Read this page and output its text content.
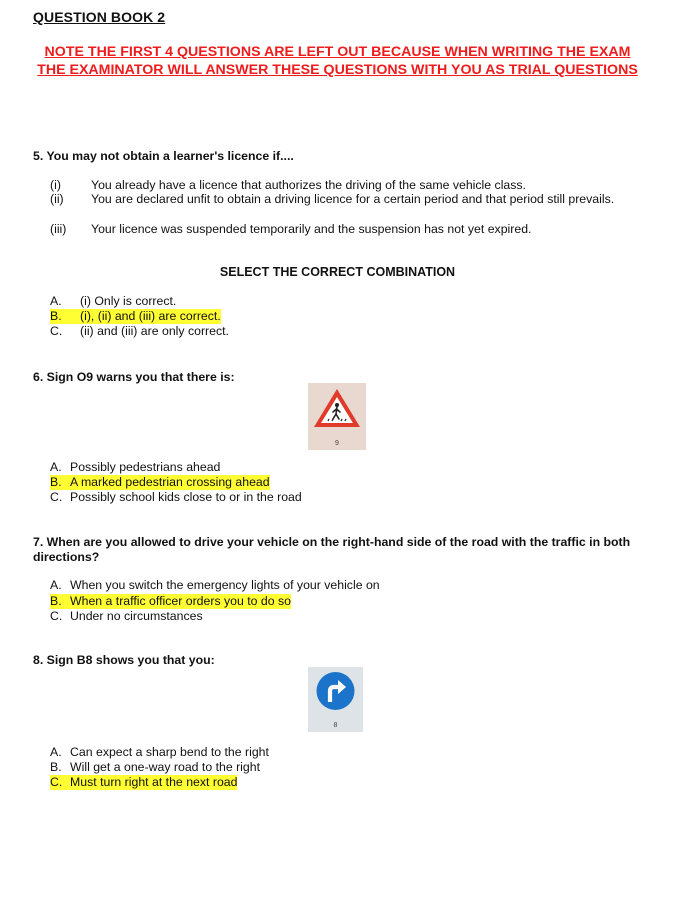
QUESTION BOOK 2
NOTE THE FIRST 4 QUESTIONS ARE LEFT OUT BECAUSE WHEN WRITING THE EXAM THE EXAMINATOR WILL ANSWER THESE QUESTIONS WITH YOU AS TRIAL QUESTIONS
5. You may not obtain a learner's licence if....
(i)	You already have a licence that authorizes the driving of the same vehicle class.
(ii)	You are declared unfit to obtain a driving licence for a certain period and that period still prevails.
(iii)	Your licence was suspended temporarily and the suspension has not yet expired.
SELECT THE CORRECT COMBINATION
A. (i) Only is correct.
B. (i), (ii) and (iii) are correct.
C. (ii) and (iii) are only correct.
6. Sign O9 warns you that there is:
9
A. Possibly pedestrians ahead
B. A marked pedestrian crossing ahead
C. Possibly school kids close to or in the road
7. When are you allowed to drive your vehicle on the right-hand side of the road with the traffic in both directions?
A. When you switch the emergency lights of your vehicle on
B. When a traffic officer orders you to do so
C. Under no circumstances
8. Sign B8 shows you that you:
8
A. Can expect a sharp bend to the right
B. Will get a one-way road to the right
C. Must turn right at the next road
